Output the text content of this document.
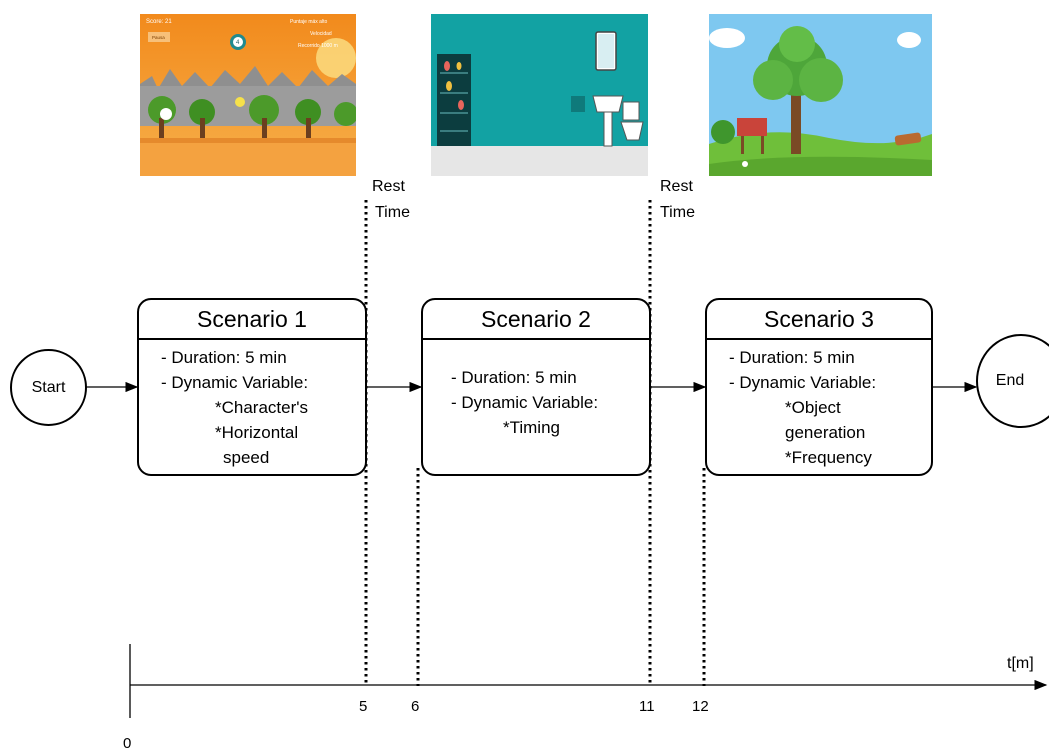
Score: 21
Pausa
4
Puntaje máx alto
Velocidad
Recorrido 1000 m
Start	End
Scenario 1
- Duration: 5 min
- Dynamic Variable:
*Character's
*Horizontal
speed
Scenario 2
- Duration: 5 min
- Dynamic Variable:
*Timing
Scenario 3
- Duration: 5 min
- Dynamic Variable:
*Object
generation
*Frequency
Rest
Time
Rest
Time
t[m]
0
5	6	11 12
